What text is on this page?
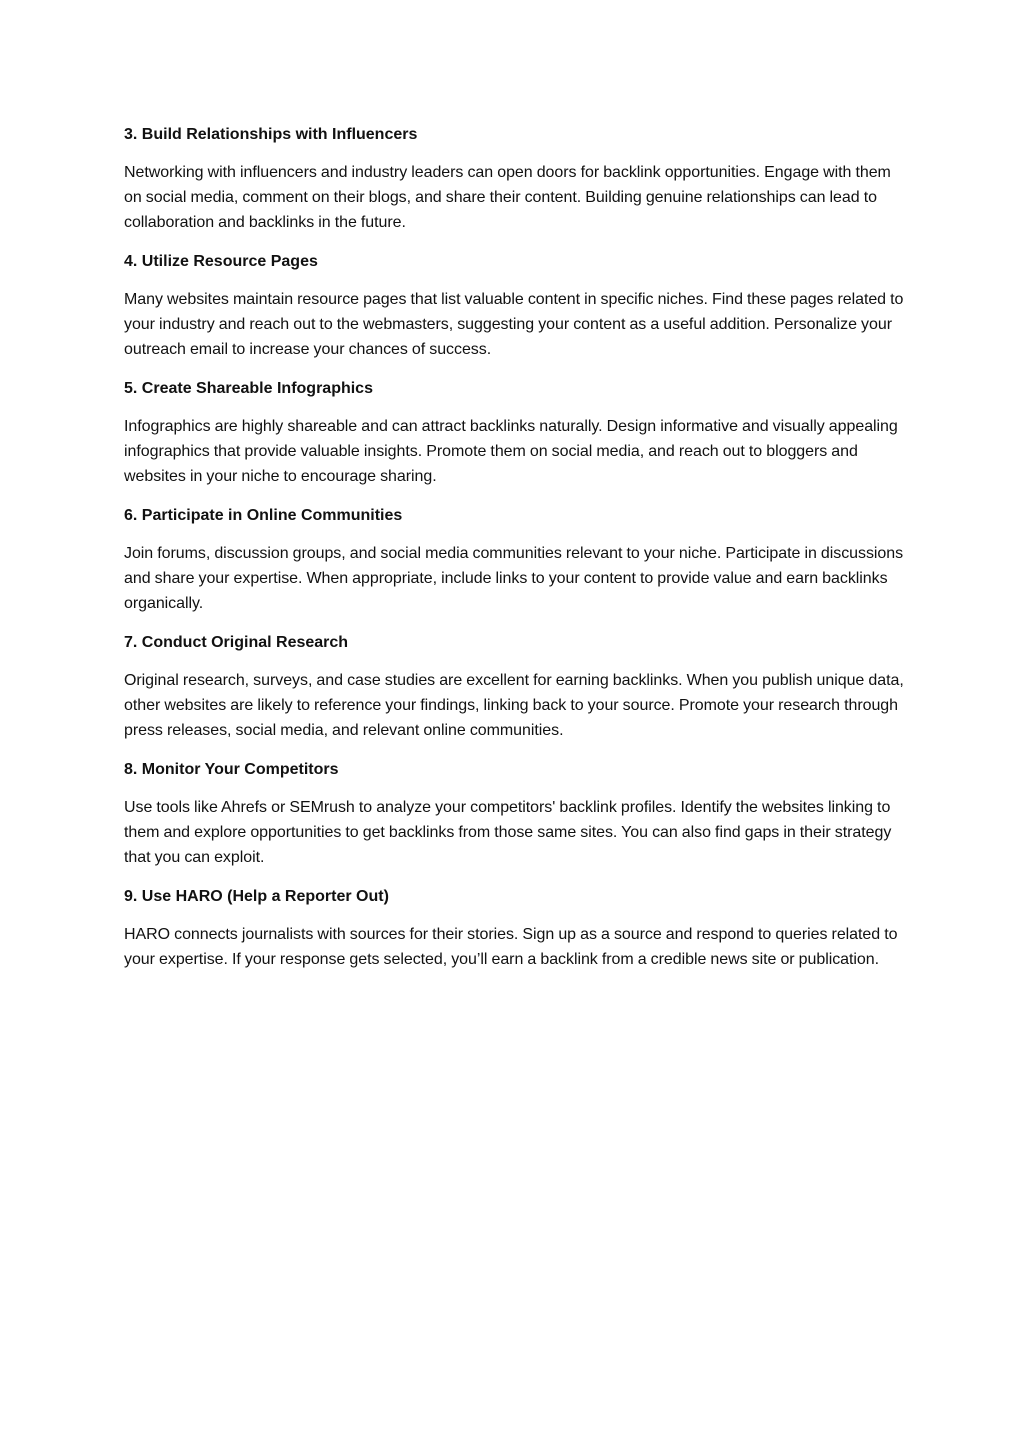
3. Build Relationships with Influencers

Networking with influencers and industry leaders can open doors for backlink opportunities. Engage with them on social media, comment on their blogs, and share their content. Building genuine relationships can lead to collaboration and backlinks in the future.

4. Utilize Resource Pages

Many websites maintain resource pages that list valuable content in specific niches. Find these pages related to your industry and reach out to the webmasters, suggesting your content as a useful addition. Personalize your outreach email to increase your chances of success.

5. Create Shareable Infographics

Infographics are highly shareable and can attract backlinks naturally. Design informative and visually appealing infographics that provide valuable insights. Promote them on social media, and reach out to bloggers and websites in your niche to encourage sharing.

6. Participate in Online Communities

Join forums, discussion groups, and social media communities relevant to your niche. Participate in discussions and share your expertise. When appropriate, include links to your content to provide value and earn backlinks organically.

7. Conduct Original Research

Original research, surveys, and case studies are excellent for earning backlinks. When you publish unique data, other websites are likely to reference your findings, linking back to your source. Promote your research through press releases, social media, and relevant online communities.

8. Monitor Your Competitors

Use tools like Ahrefs or SEMrush to analyze your competitors' backlink profiles. Identify the websites linking to them and explore opportunities to get backlinks from those same sites. You can also find gaps in their strategy that you can exploit.

9. Use HARO (Help a Reporter Out)

HARO connects journalists with sources for their stories. Sign up as a source and respond to queries related to your expertise. If your response gets selected, you’ll earn a backlink from a credible news site or publication.
